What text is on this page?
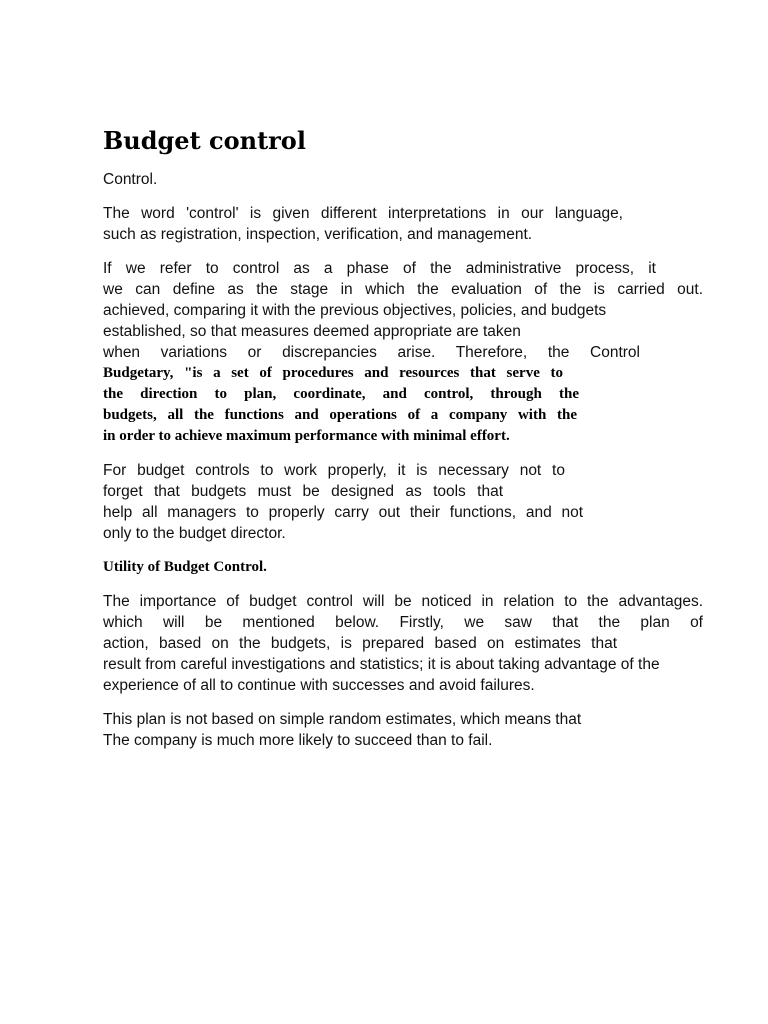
Budget control
Control.
The word 'control' is given different interpretations in our language,
such as registration, inspection, verification, and management.
If we refer to control as a phase of the administrative process, it
we can define as the stage in which the evaluation of the is carried out.
achieved, comparing it with the previous objectives, policies, and budgets
established, so that measures deemed appropriate are taken
when variations or discrepancies arise. Therefore, the Control
Budgetary, "is a set of procedures and resources that serve to
the direction to plan, coordinate, and control, through the
budgets, all the functions and operations of a company with the
in order to achieve maximum performance with minimal effort.
For budget controls to work properly, it is necessary not to
forget that budgets must be designed as tools that
help all managers to properly carry out their functions, and not
only to the budget director.
Utility of Budget Control.
The importance of budget control will be noticed in relation to the advantages.
which will be mentioned below. Firstly, we saw that the plan of
action, based on the budgets, is prepared based on estimates that
result from careful investigations and statistics; it is about taking advantage of the
experience of all to continue with successes and avoid failures.
This plan is not based on simple random estimates, which means that
The company is much more likely to succeed than to fail.
